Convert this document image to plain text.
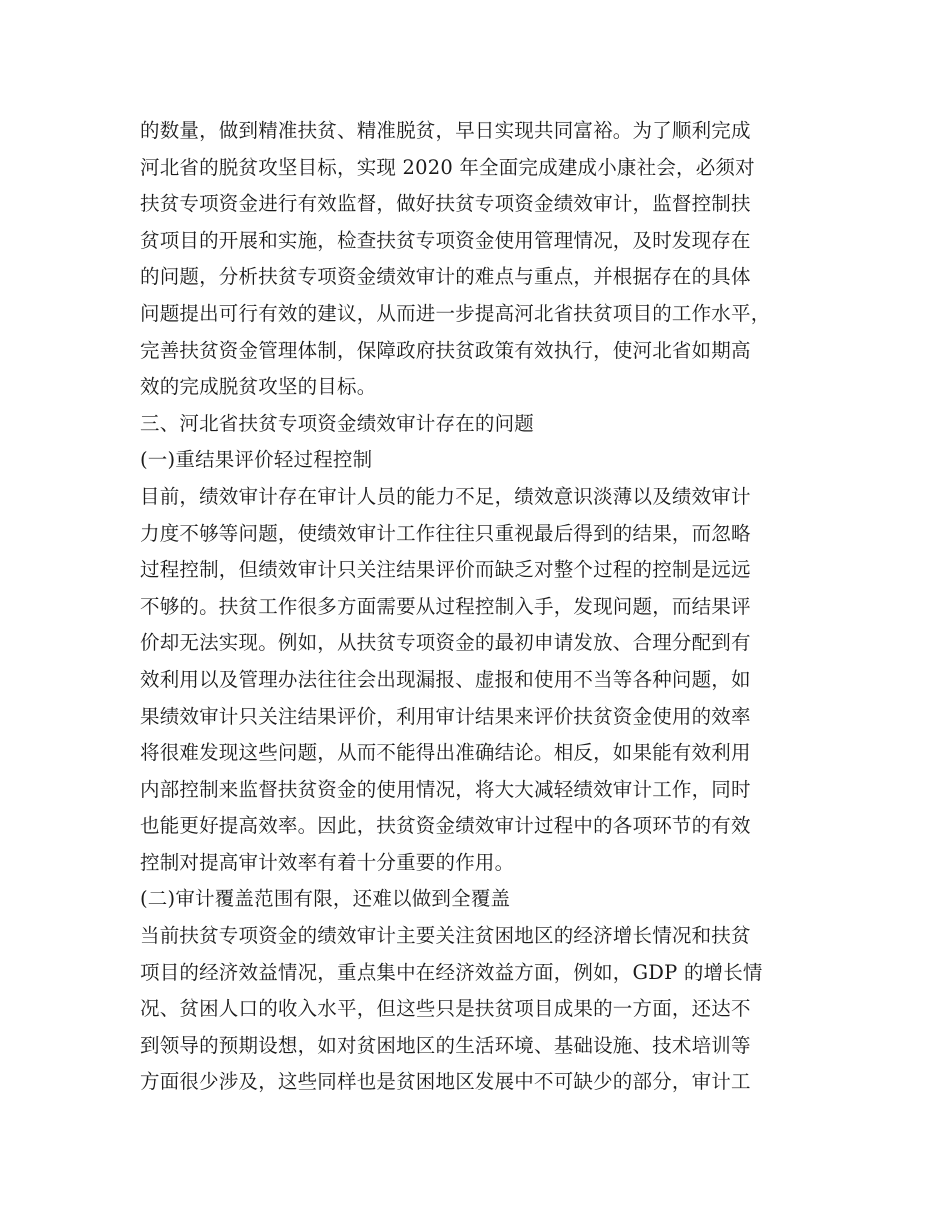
的数量，做到精准扶贫、精准脱贫，早日实现共同富裕。为了顺利完成
河北省的脱贫攻坚目标，实现 2020 年全面完成建成小康社会，必须对
扶贫专项资金进行有效监督，做好扶贫专项资金绩效审计，监督控制扶
贫项目的开展和实施，检查扶贫专项资金使用管理情况，及时发现存在
的问题，分析扶贫专项资金绩效审计的难点与重点，并根据存在的具体
问题提出可行有效的建议，从而进一步提高河北省扶贫项目的工作水平，
完善扶贫资金管理体制，保障政府扶贫政策有效执行，使河北省如期高
效的完成脱贫攻坚的目标。
三、河北省扶贫专项资金绩效审计存在的问题
(一)重结果评价轻过程控制
目前，绩效审计存在审计人员的能力不足，绩效意识淡薄以及绩效审计
力度不够等问题，使绩效审计工作往往只重视最后得到的结果，而忽略
过程控制，但绩效审计只关注结果评价而缺乏对整个过程的控制是远远
不够的。扶贫工作很多方面需要从过程控制入手，发现问题，而结果评
价却无法实现。例如，从扶贫专项资金的最初申请发放、合理分配到有
效利用以及管理办法往往会出现漏报、虚报和使用不当等各种问题，如
果绩效审计只关注结果评价，利用审计结果来评价扶贫资金使用的效率
将很难发现这些问题，从而不能得出准确结论。相反，如果能有效利用
内部控制来监督扶贫资金的使用情况，将大大减轻绩效审计工作，同时
也能更好提高效率。因此，扶贫资金绩效审计过程中的各项环节的有效
控制对提高审计效率有着十分重要的作用。
(二)审计覆盖范围有限，还难以做到全覆盖
当前扶贫专项资金的绩效审计主要关注贫困地区的经济增长情况和扶贫
项目的经济效益情况，重点集中在经济效益方面，例如，GDP 的增长情
况、贫困人口的收入水平，但这些只是扶贫项目成果的一方面，还达不
到领导的预期设想，如对贫困地区的生活环境、基础设施、技术培训等
方面很少涉及，这些同样也是贫困地区发展中不可缺少的部分，审计工
